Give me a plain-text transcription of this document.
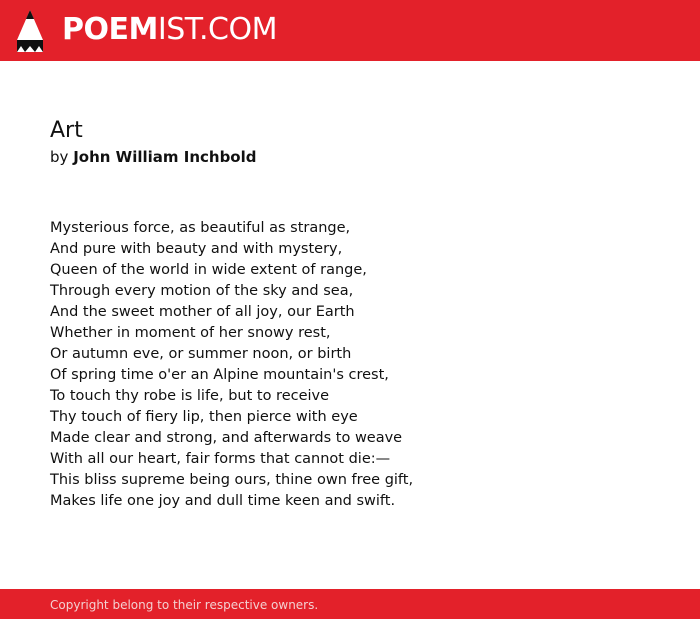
POEMIST.COM
Art

by John William Inchbold

Mysterious force, as beautiful as strange,
And pure with beauty and with mystery,
Queen of the world in wide extent of range,
Through every motion of the sky and sea,
And the sweet mother of all joy, our Earth
Whether in moment of her snowy rest,
Or autumn eve, or summer noon, or birth
Of spring time o'er an Alpine mountain's crest,
To touch thy robe is life, but to receive
Thy touch of fiery lip, then pierce with eye
Made clear and strong, and afterwards to weave
With all our heart, fair forms that cannot die:—
This bliss supreme being ours, thine own free gift,
Makes life one joy and dull time keen and swift.
Copyright belong to their respective owners.
